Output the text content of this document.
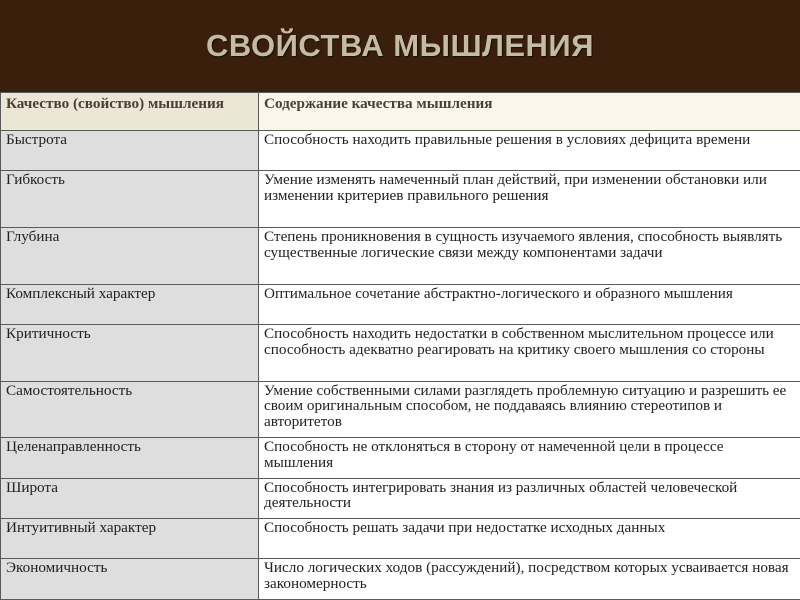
СВОЙСТВА МЫШЛЕНИЯ
Качество (свойство) мышления	Содержание качества мышления
Быстрота	Способность находить правильные решения в условиях дефицита времени
Гибкость	Умение изменять намеченный план действий, при изменении обстановки или изменении критериев правильного решения
Глубина	Степень проникновения в сущность изучаемого явления, способность выявлять существенные логические связи между компонентами задачи
Комплексный характер	Оптимальное сочетание абстрактно-логического и образного мышления
Критичность	Способность находить недостатки в собственном мыслительном процессе или способность адекватно реагировать на критику своего мышления со стороны
Самостоятельность	Умение собственными силами разглядеть проблемную ситуацию и разрешить ее своим оригинальным способом, не поддаваясь влиянию стереотипов и авторитетов
Целенаправленность	Способность не отклоняться в сторону от намеченной цели в процессе мышления
Широта	Способность интегрировать знания из различных областей человеческой деятельности
Интуитивный характер	Способность решать задачи при недостатке исходных данных
Экономичность	Число логических ходов (рассуждений), посредством которых усваивается новая закономерность
